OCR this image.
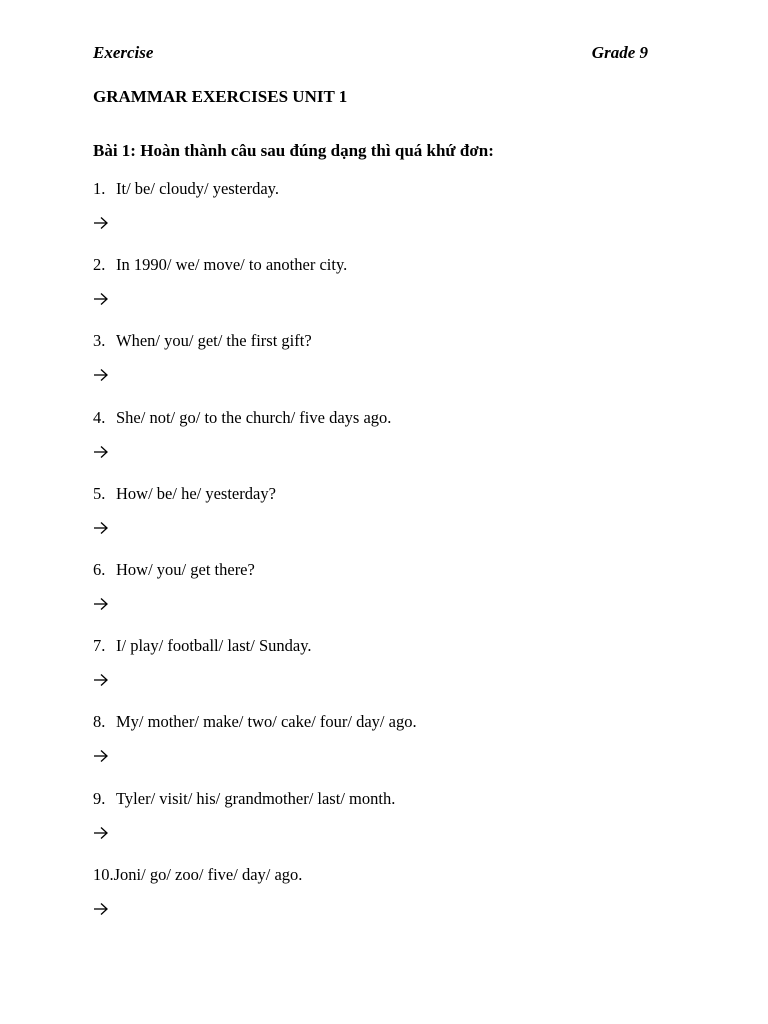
Exercise	Grade 9
GRAMMAR EXERCISES UNIT 1
Bài 1: Hoàn thành câu sau đúng dạng thì quá khứ đơn:
1. It/ be/ cloudy/ yesterday.
2. In 1990/ we/ move/ to another city.
3. When/ you/ get/ the first gift?
4. She/ not/ go/ to the church/ five days ago.
5. How/ be/ he/ yesterday?
6. How/ you/ get there?
7. I/ play/ football/ last/ Sunday.
8. My/ mother/ make/ two/ cake/ four/ day/ ago.
9. Tyler/ visit/ his/ grandmother/ last/ month.
10.Joni/ go/ zoo/ five/ day/ ago.
